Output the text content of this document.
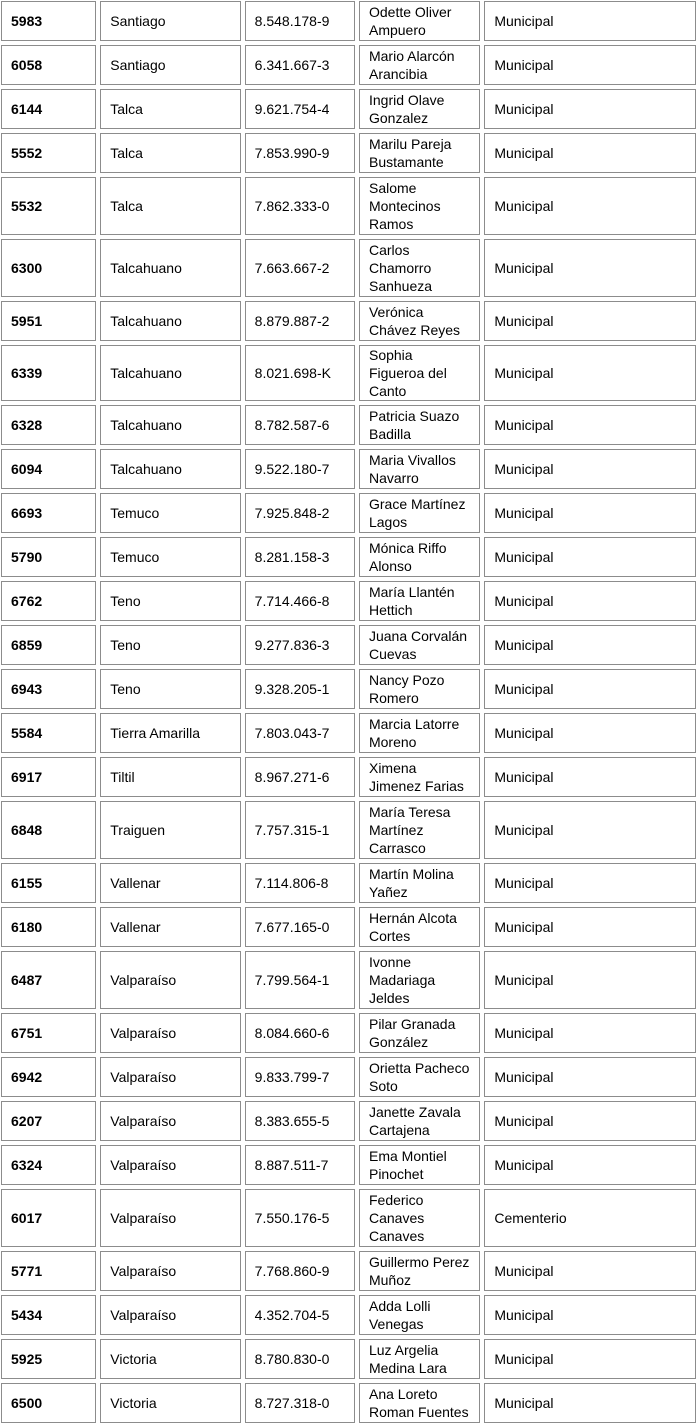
5983	Santiago	8.548.178-9	Odette Oliver Ampuero	Municipal
6058	Santiago	6.341.667-3	Mario Alarcón Arancibia	Municipal
6144	Talca	9.621.754-4	Ingrid Olave Gonzalez	Municipal
5552	Talca	7.853.990-9	Marilu Pareja Bustamante	Municipal
5532	Talca	7.862.333-0	Salome Montecinos Ramos	Municipal
6300	Talcahuano	7.663.667-2	Carlos Chamorro Sanhueza	Municipal
5951	Talcahuano	8.879.887-2	Verónica Chávez Reyes	Municipal
6339	Talcahuano	8.021.698-K	Sophia Figueroa del Canto	Municipal
6328	Talcahuano	8.782.587-6	Patricia Suazo Badilla	Municipal
6094	Talcahuano	9.522.180-7	Maria Vivallos Navarro	Municipal
6693	Temuco	7.925.848-2	Grace Martínez Lagos	Municipal
5790	Temuco	8.281.158-3	Mónica Riffo Alonso	Municipal
6762	Teno	7.714.466-8	María Llantén Hettich	Municipal
6859	Teno	9.277.836-3	Juana Corvalán Cuevas	Municipal
6943	Teno	9.328.205-1	Nancy Pozo Romero	Municipal
5584	Tierra Amarilla	7.803.043-7	Marcia Latorre Moreno	Municipal
6917	Tiltil	8.967.271-6	Ximena Jimenez Farias	Municipal
6848	Traiguen	7.757.315-1	María Teresa Martínez Carrasco	Municipal
6155	Vallenar	7.114.806-8	Martín Molina Yañez	Municipal
6180	Vallenar	7.677.165-0	Hernán Alcota Cortes	Municipal
6487	Valparaíso	7.799.564-1	Ivonne Madariaga Jeldes	Municipal
6751	Valparaíso	8.084.660-6	Pilar Granada González	Municipal
6942	Valparaíso	9.833.799-7	Orietta Pacheco Soto	Municipal
6207	Valparaíso	8.383.655-5	Janette Zavala Cartajena	Municipal
6324	Valparaíso	8.887.511-7	Ema Montiel Pinochet	Municipal
6017	Valparaíso	7.550.176-5	Federico Canaves Canaves	Cementerio
5771	Valparaíso	7.768.860-9	Guillermo Perez Muñoz	Municipal
5434	Valparaíso	4.352.704-5	Adda Lolli Venegas	Municipal
5925	Victoria	8.780.830-0	Luz Argelia Medina Lara	Municipal
6500	Victoria	8.727.318-0	Ana Loreto Roman Fuentes	Municipal
